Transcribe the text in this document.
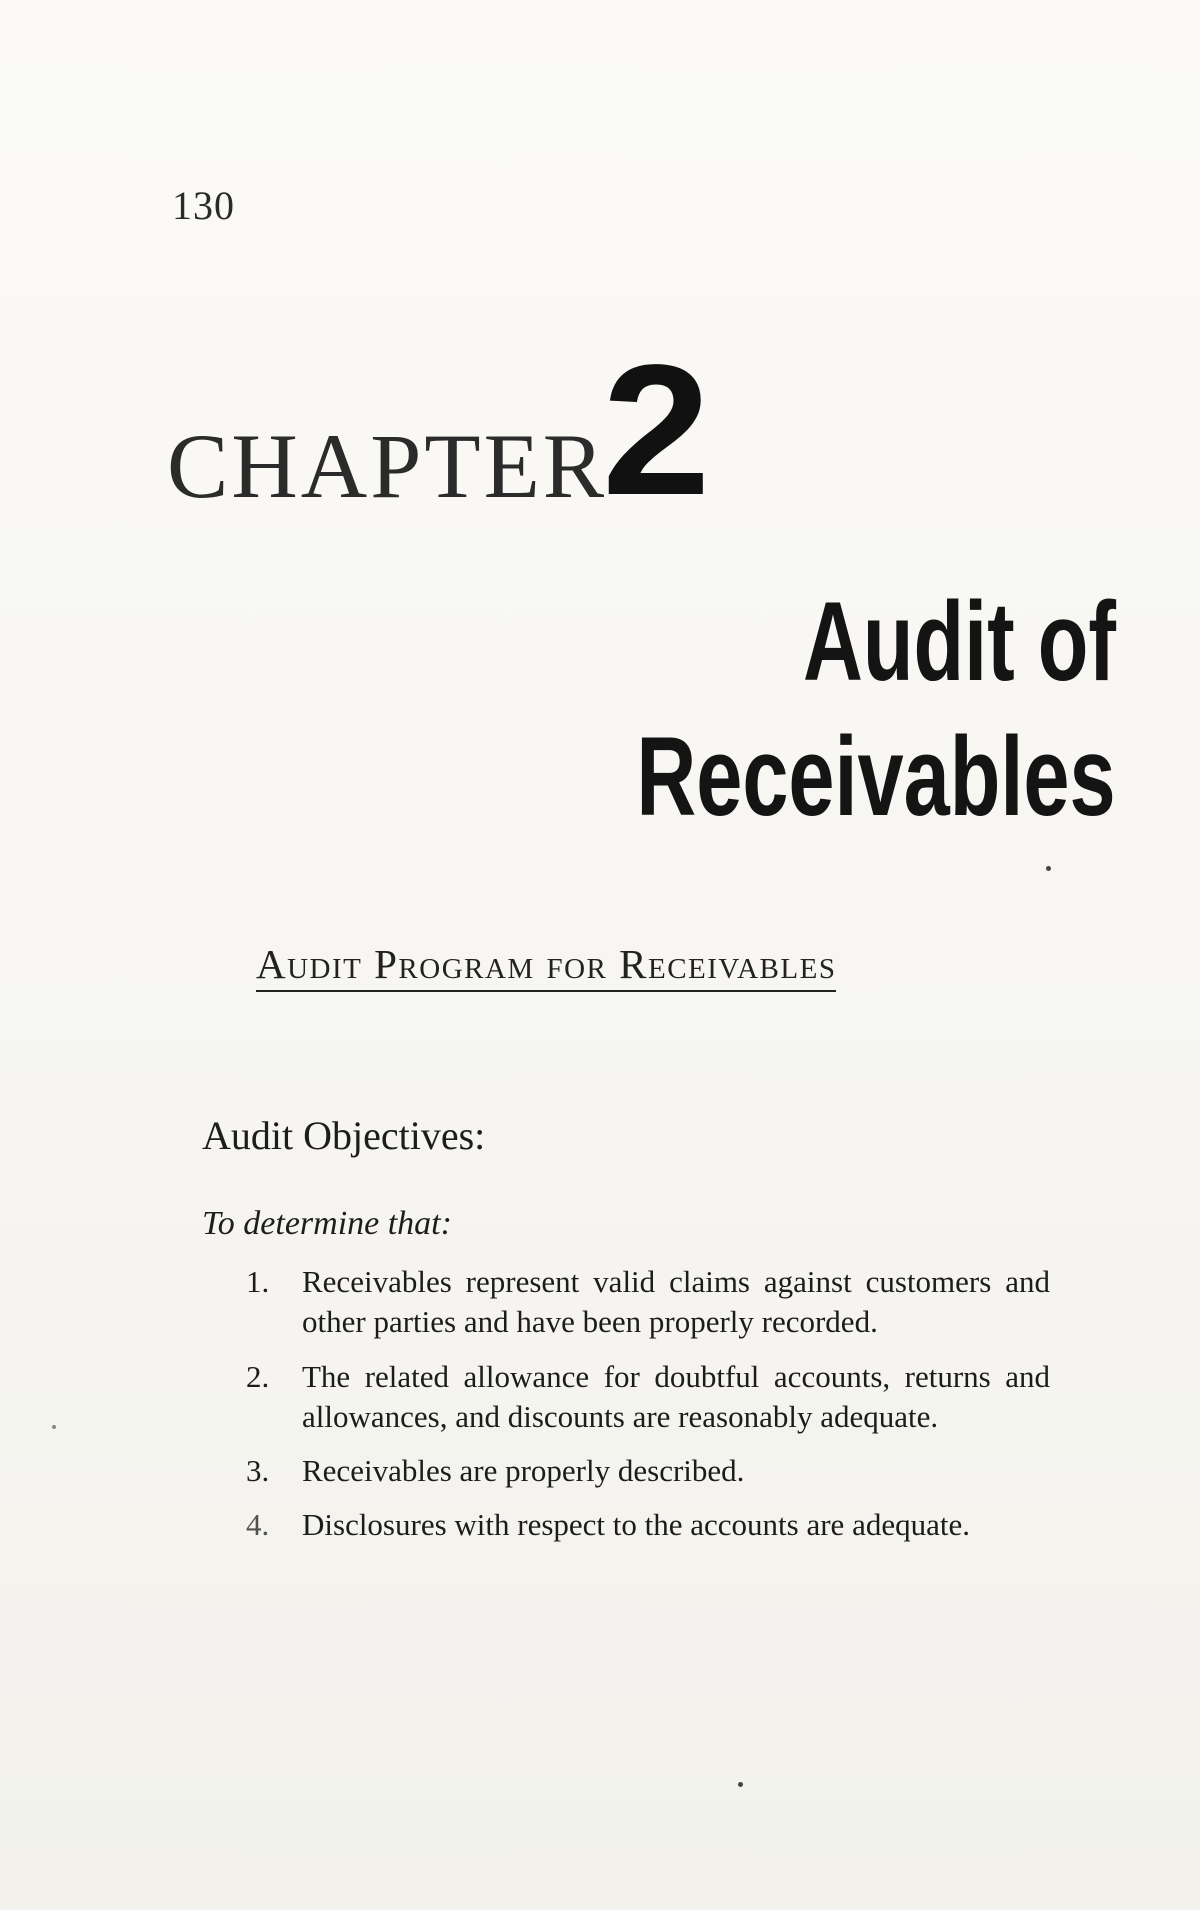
130
CHAPTER
2
Audit of
Receivables
Audit Program for Receivables
Audit Objectives:
To determine that:
1.	Receivables represent valid claims against customers and other parties and have been properly recorded.
2.	The related allowance for doubtful accounts, returns and allowances, and discounts are reasonably adequate.
3.	Receivables are properly described.
4.	Disclosures with respect to the accounts are adequate.
